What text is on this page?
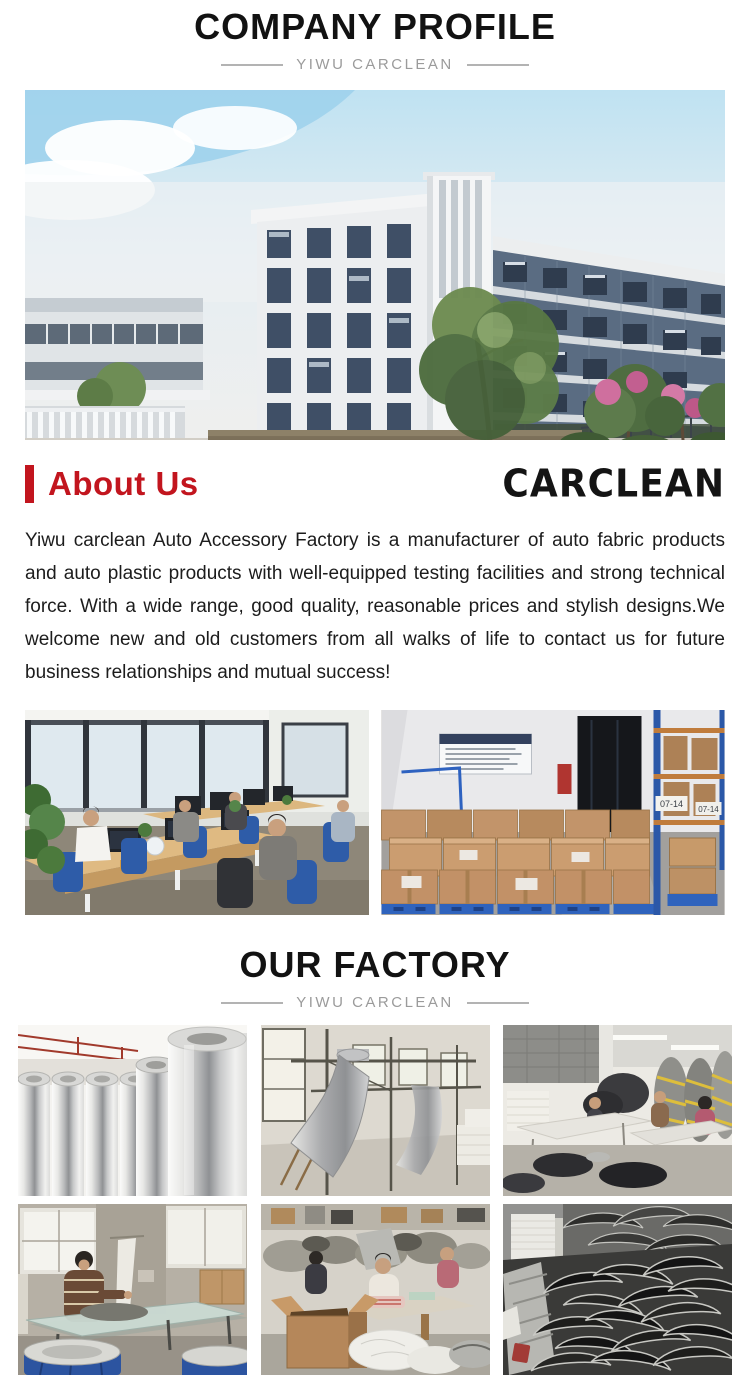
COMPANY PROFILE
YIWU CARCLEAN
About Us	CARCLEAN

Yiwu carclean Auto Accessory Factory is a manufacturer of auto fabric products and auto plastic products with well-equipped testing facilities and strong technical force. With a wide range, good quality, reasonable prices and stylish designs.We welcome new and old customers from all walks of life to contact us for future business relationships and mutual success!

07-14
07-14
OUR FACTORY
YIWU CARCLEAN
